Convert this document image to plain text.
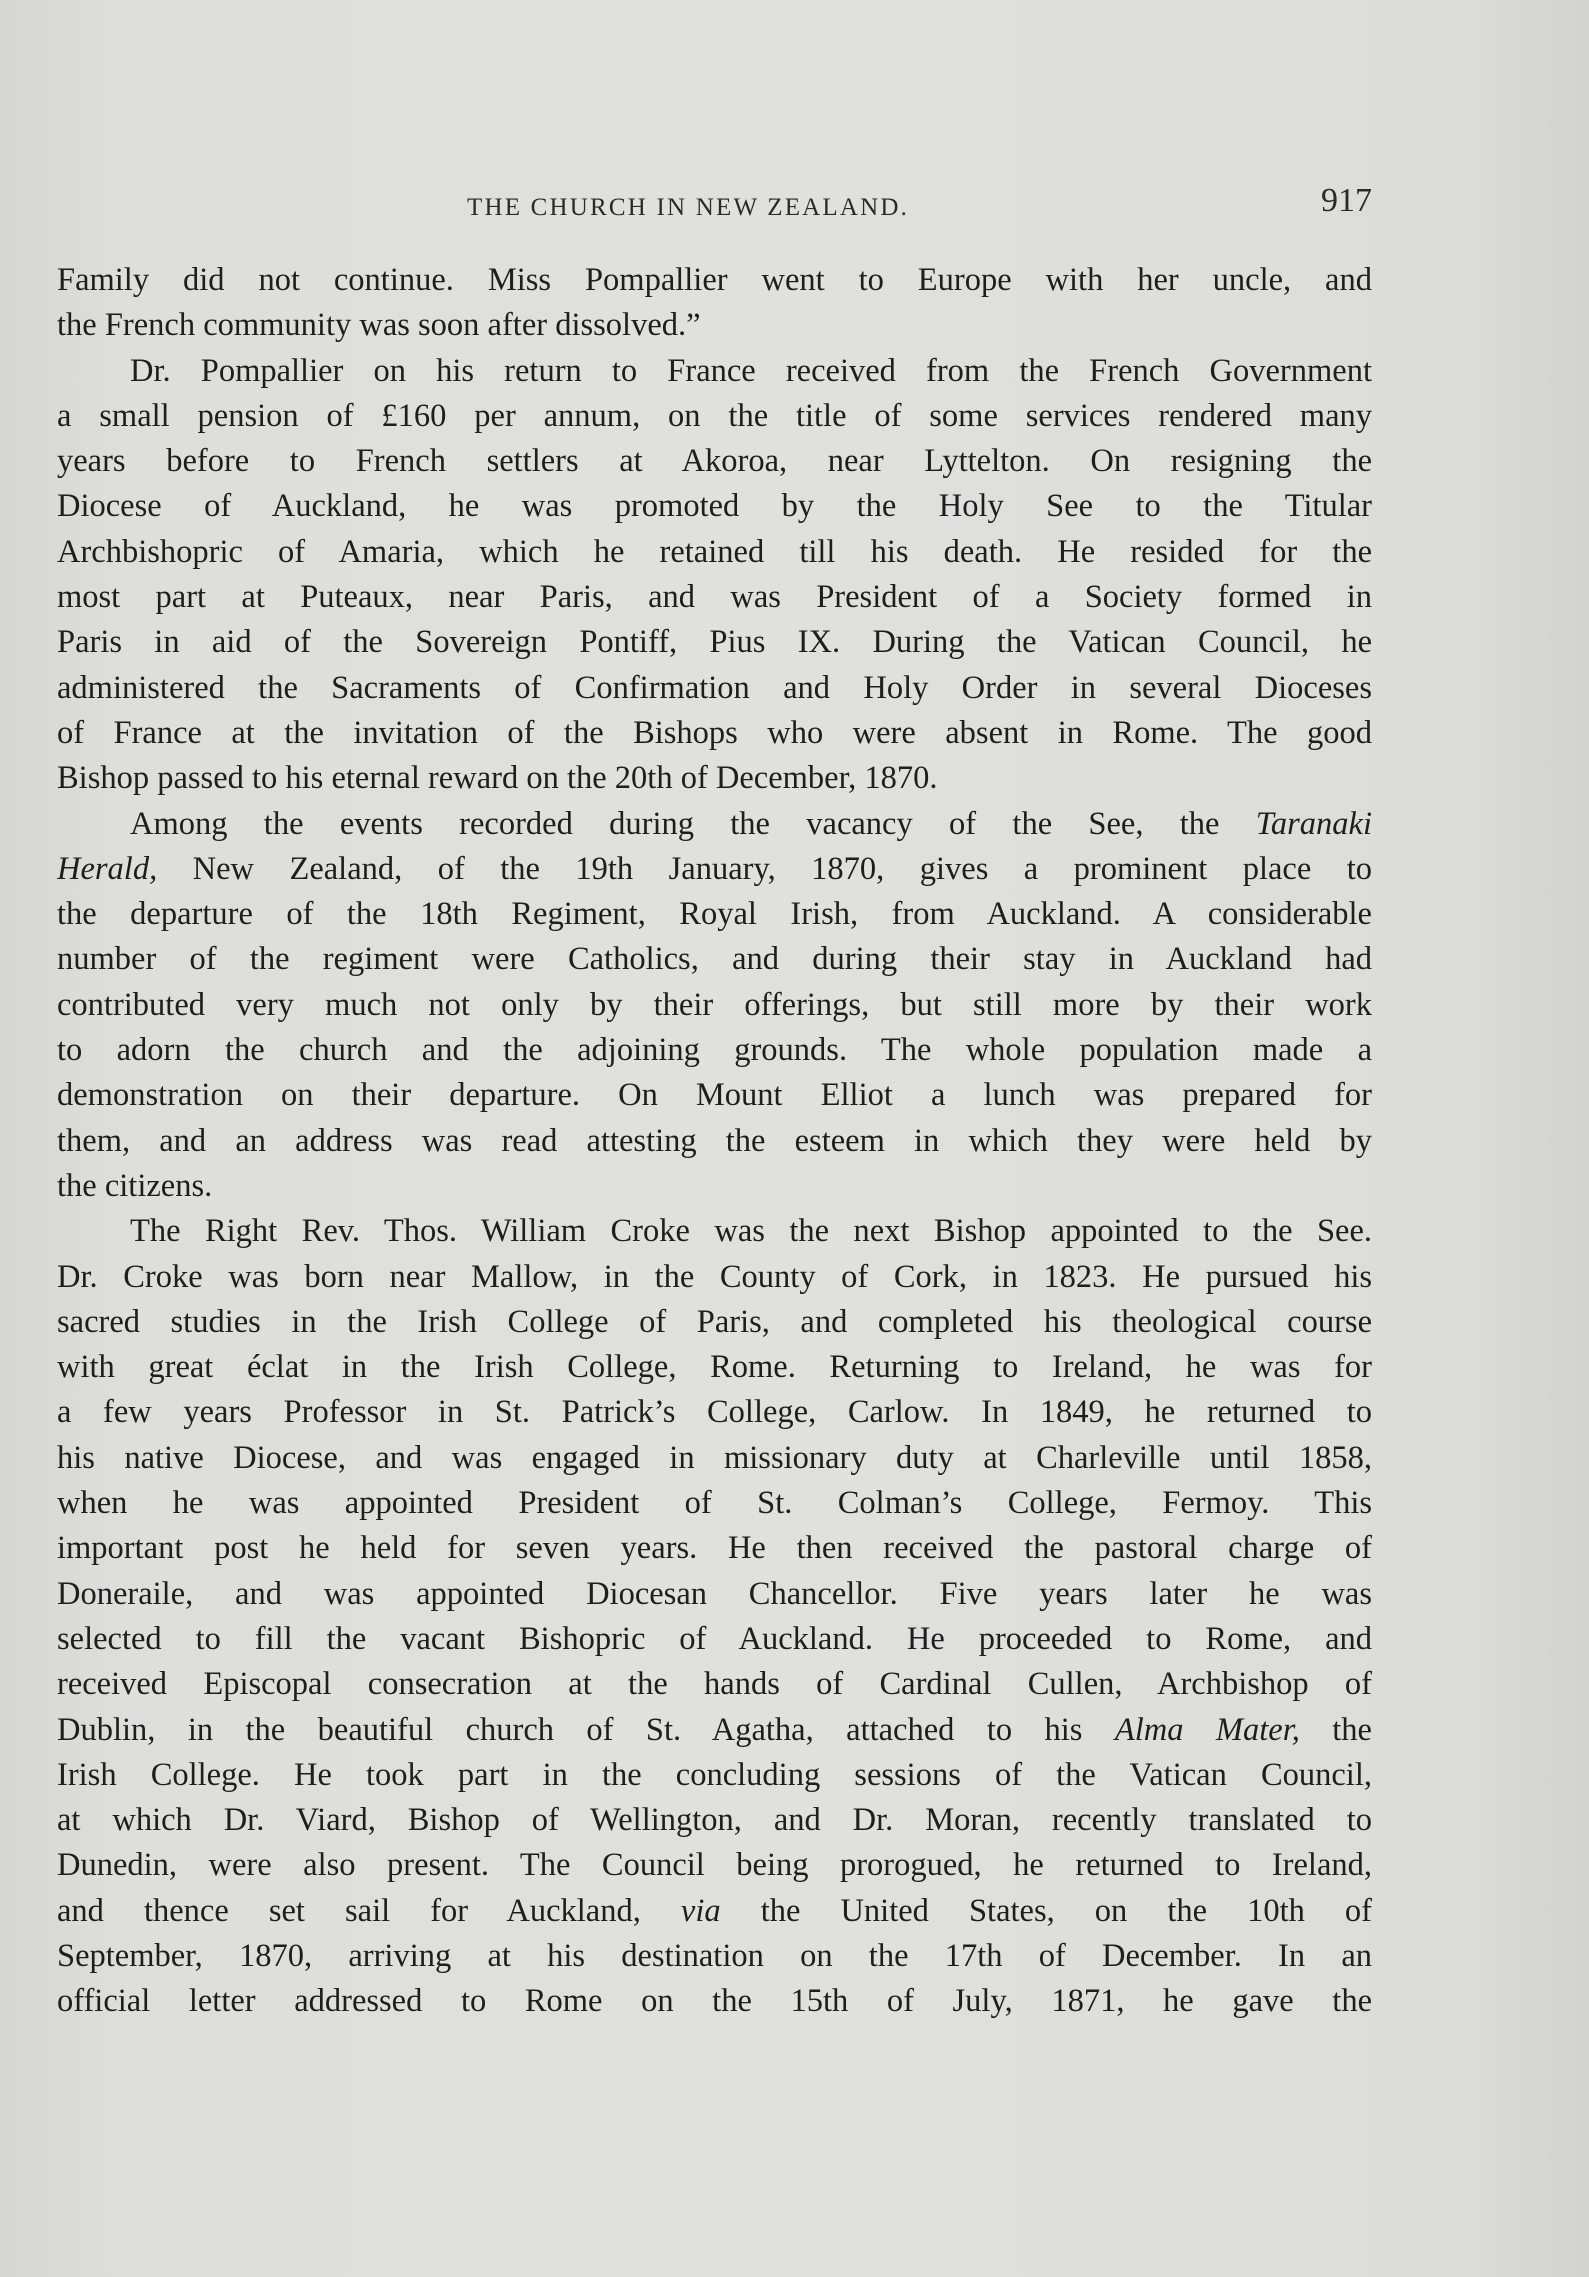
THE CHURCH IN NEW ZEALAND.	917
Family did not continue. Miss Pompallier went to Europe with her uncle, and
the French community was soon after dissolved.”
Dr. Pompallier on his return to France received from the French Government
a small pension of £160 per annum, on the title of some services rendered many
years before to French settlers at Akoroa, near Lyttelton. On resigning the
Diocese of Auckland, he was promoted by the Holy See to the Titular
Archbishopric of Amaria, which he retained till his death. He resided for the
most part at Puteaux, near Paris, and was President of a Society formed in
Paris in aid of the Sovereign Pontiff, Pius IX. During the Vatican Council, he
administered the Sacraments of Confirmation and Holy Order in several Dioceses
of France at the invitation of the Bishops who were absent in Rome. The good
Bishop passed to his eternal reward on the 20th of December, 1870.
Among the events recorded during the vacancy of the See, the Taranaki
Herald, New Zealand, of the 19th January, 1870, gives a prominent place to
the departure of the 18th Regiment, Royal Irish, from Auckland. A considerable
number of the regiment were Catholics, and during their stay in Auckland had
contributed very much not only by their offerings, but still more by their work
to adorn the church and the adjoining grounds. The whole population made a
demonstration on their departure. On Mount Elliot a lunch was prepared for
them, and an address was read attesting the esteem in which they were held by
the citizens.
The Right Rev. Thos. William Croke was the next Bishop appointed to the See.
Dr. Croke was born near Mallow, in the County of Cork, in 1823. He pursued his
sacred studies in the Irish College of Paris, and completed his theological course
with great éclat in the Irish College, Rome. Returning to Ireland, he was for
a few years Professor in St. Patrick’s College, Carlow. In 1849, he returned to
his native Diocese, and was engaged in missionary duty at Charleville until 1858,
when he was appointed President of St. Colman’s College, Fermoy. This
important post he held for seven years. He then received the pastoral charge of
Doneraile, and was appointed Diocesan Chancellor. Five years later he was
selected to fill the vacant Bishopric of Auckland. He proceeded to Rome, and
received Episcopal consecration at the hands of Cardinal Cullen, Archbishop of
Dublin, in the beautiful church of St. Agatha, attached to his Alma Mater, the
Irish College. He took part in the concluding sessions of the Vatican Council,
at which Dr. Viard, Bishop of Wellington, and Dr. Moran, recently translated to
Dunedin, were also present. The Council being prorogued, he returned to Ireland,
and thence set sail for Auckland, via the United States, on the 10th of
September, 1870, arriving at his destination on the 17th of December. In an
official letter addressed to Rome on the 15th of July, 1871, he gave the
